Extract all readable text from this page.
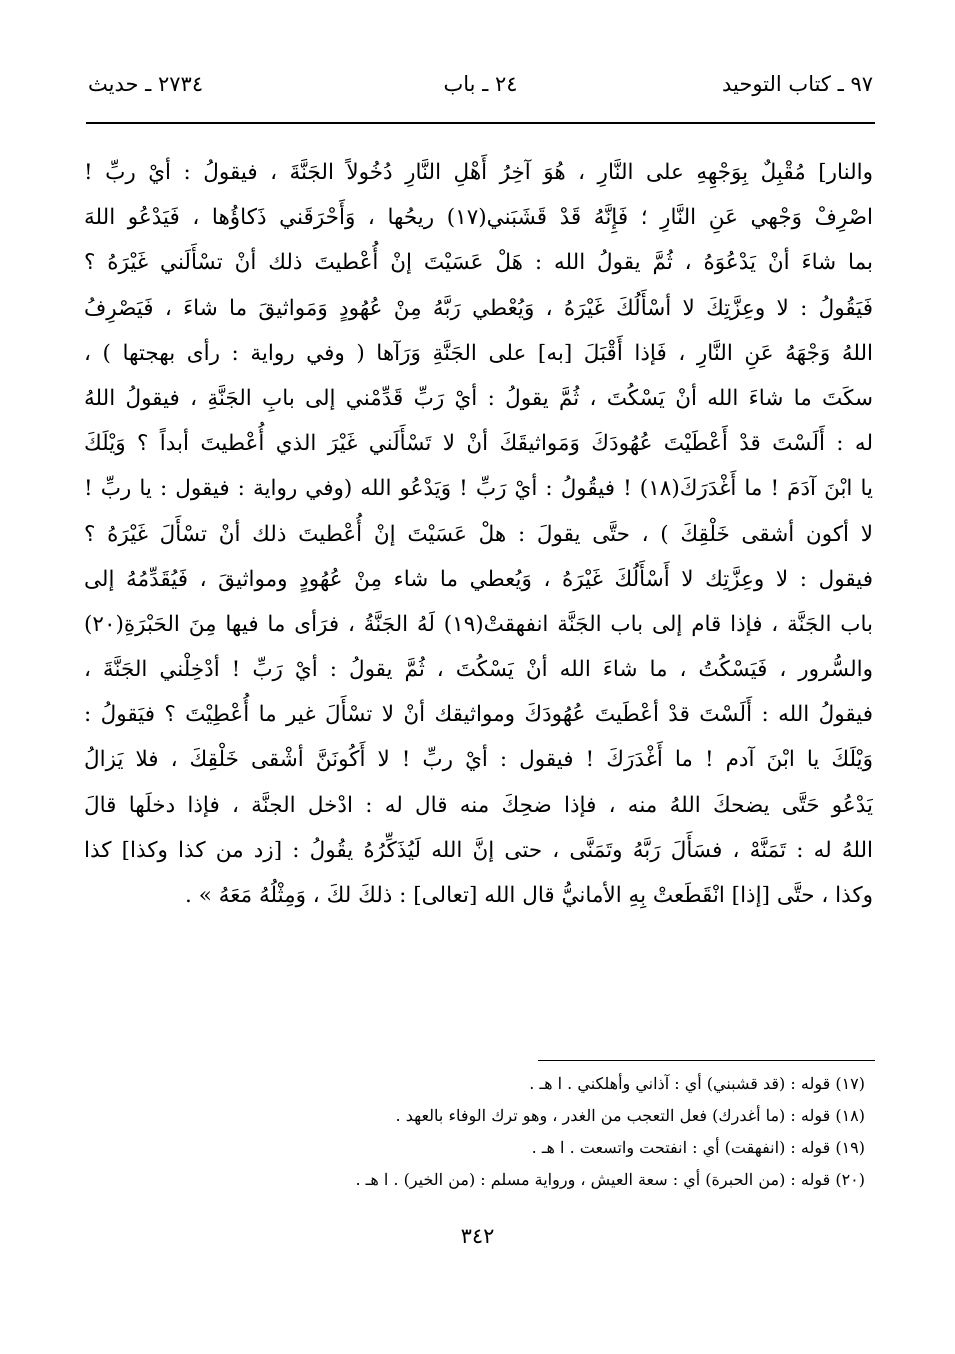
٩٧ ـ كتاب التوحيد
٢٤ ـ باب
٢٧٣٤ ـ حديث
والنار] مُقْبِلٌ بِوَجْهِهِ على النَّارِ ، هُوَ آخِرُ أَهْلِ النَّارِ دُخُولاً الجَنَّةَ ، فيقولُ : أيْ ربِّ !
اصْرِفْ وَجْهي عَنِ النَّارِ ؛ فَإِنَّهُ قَدْ قَشَبَني(١٧) ريحُها ، وَأَحْرَقَني ذَكاؤُها ، فَيَدْعُو اللهَ
بما شاءَ أنْ يَدْعُوَهُ ، ثُمَّ يقولُ الله : هَلْ عَسَيْتَ إنْ أُعْطيتَ ذلك أنْ تسْأَلَني غَيْرَهُ ؟
فَيَقُولُ : لا وعِزَّتِكَ لا أسْأَلُكَ غَيْرَهُ ، وَيُعْطي رَبَّهُ مِنْ عُهُودٍ وَمَواثيقَ ما شاءَ ، فَيَصْرِفُ
اللهُ وَجْهَهُ عَنِ النَّارِ ، فَإذا أَقْبَلَ [به] على الجَنَّةِ وَرَآها ( وفي رواية : رأى بهجتها ) ،
سكَتَ ما شاءَ الله أنْ يَسْكُتَ ، ثُمَّ يقولُ : أيْ رَبِّ قَدِّمْني إلى بابِ الجَنَّةِ ، فيقولُ اللهُ
له : أَلَسْتَ قدْ أَعْطَيْتَ عُهُودَكَ وَمَواثيقَكَ أنْ لا تَسْأَلَني غَيْرَ الذي أُعْطيتَ أبداً ؟ وَيْلَكَ
يا ابْنَ آدَمَ ! ما أَغْدَرَكَ(١٨) ! فيقُولُ : أيْ رَبِّ ! وَيَدْعُو الله (وفي رواية : فيقول : يا ربِّ !
لا أكون أشقى خَلْقِكَ ) ، حتَّى يقولَ : هلْ عَسَيْتَ إنْ أُعْطيتَ ذلك أنْ تسْأَلَ غَيْرَهُ ؟
فيقول : لا وعِزَّتِك لا أَسْأَلُكَ غَيْرَهُ ، وَيُعطي ما شاء مِنْ عُهُودٍ ومواثيقَ ، فَيُقَدِّمُهُ إلى
باب الجَنَّة ، فإذا قام إلى باب الجَنَّة انفهقتْ(١٩) لَهُ الجَنَّةُ ، فرَأى ما فيها مِنَ الحَبْرَةِ(٢٠)
والسُّرور ، فَيَسْكُتُ ، ما شاءَ الله أنْ يَسْكُتَ ، ثُمَّ يقولُ : أيْ رَبِّ ! أدْخِلْني الجَنَّةَ ،
فيقولُ الله : أَلَسْتَ قدْ أعْطَيتَ عُهُودَكَ ومواثيقك أنْ لا تسْأَلَ غير ما أُعْطِيْتَ ؟ فيَقولُ :
وَيْلَكَ يا ابْنَ آدم ! ما أَغْدَرَكَ ! فيقول : أيْ ربِّ ! لا أَكُونَنَّ أشْقى خَلْقِكَ ، فلا يَزالُ
يَدْعُو حَتَّى يضحكَ اللهُ منه ، فإذا ضحِكَ منه قال له : ادْخل الجنَّة ، فإذا دخلَها قالَ
اللهُ له : تَمَنَّهْ ، فسَأَلَ رَبَّهُ وتَمَنَّى ، حتى إنَّ الله لَيُذَكِّرُهُ يقُولُ : [زد من كذا وكذا] كذا
وكذا ، حتَّى [إذا] انْقَطَعتْ بِهِ الأمانيُّ قال الله [تعالى] : ذلكَ لكَ ، وَمِثْلُهُ مَعَهُ » .
(١٧) قوله : (قد قشبني) أي : آذاني وأهلكني . ا هـ .
(١٨) قوله : (ما أغدرك) فعل التعجب من الغدر ، وهو ترك الوفاء بالعهد .
(١٩) قوله : (انفهقت) أي : انفتحت واتسعت . ا هـ .
(٢٠) قوله : (من الحبرة) أي : سعة العيش ، ورواية مسلم : (من الخير) . ا هـ .
٣٤٢
